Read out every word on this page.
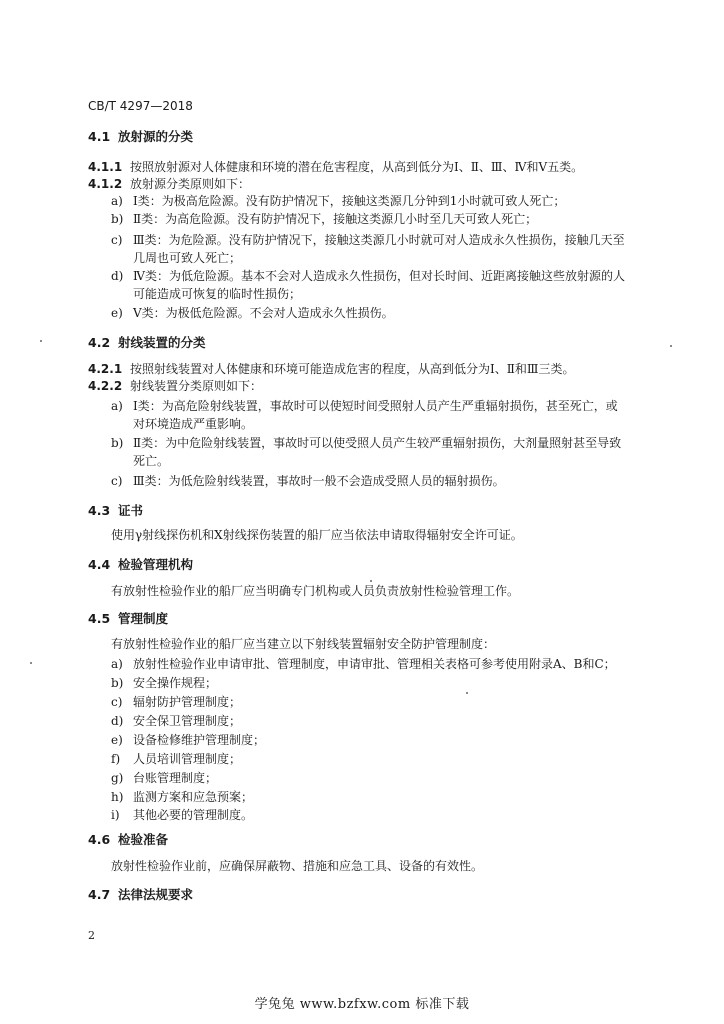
CB/T 4297—2018
4.1 放射源的分类
4.1.1 按照放射源对人体健康和环境的潜在危害程度，从高到低分为Ⅰ、Ⅱ、Ⅲ、Ⅳ和Ⅴ五类。
4.1.2 放射源分类原则如下：
a) Ⅰ类：为极高危险源。没有防护情况下，接触这类源几分钟到1小时就可致人死亡；
b) Ⅱ类：为高危险源。没有防护情况下，接触这类源几小时至几天可致人死亡；
c) Ⅲ类：为危险源。没有防护情况下，接触这类源几小时就可对人造成永久性损伤，接触几天至
几周也可致人死亡；
d) Ⅳ类：为低危险源。基本不会对人造成永久性损伤，但对长时间、近距离接触这些放射源的人
可能造成可恢复的临时性损伤；
e) Ⅴ类：为极低危险源。不会对人造成永久性损伤。
4.2 射线装置的分类
4.2.1 按照射线装置对人体健康和环境可能造成危害的程度，从高到低分为Ⅰ、Ⅱ和Ⅲ三类。
4.2.2 射线装置分类原则如下：
a) Ⅰ类：为高危险射线装置，事故时可以使短时间受照射人员产生严重辐射损伤，甚至死亡，或
对环境造成严重影响。
b) Ⅱ类：为中危险射线装置，事故时可以使受照人员产生较严重辐射损伤，大剂量照射甚至导致
死亡。
c) Ⅲ类：为低危险射线装置，事故时一般不会造成受照人员的辐射损伤。
4.3 证书
使用γ射线探伤机和X射线探伤装置的船厂应当依法申请取得辐射安全许可证。
4.4 检验管理机构
有放射性检验作业的船厂应当明确专门机构或人员负责放射性检验管理工作。
4.5 管理制度
有放射性检验作业的船厂应当建立以下射线装置辐射安全防护管理制度：
a) 放射性检验作业申请审批、管理制度，申请审批、管理相关表格可参考使用附录A、B和C；
b) 安全操作规程；
c) 辐射防护管理制度；
d) 安全保卫管理制度；
e) 设备检修维护管理制度；
f) 人员培训管理制度；
g) 台账管理制度；
h) 监测方案和应急预案；
i) 其他必要的管理制度。
4.6 检验准备
放射性检验作业前，应确保屏蔽物、措施和应急工具、设备的有效性。
4.7 法律法规要求
2
学兔兔 www.bzfxw.com 标准下载
